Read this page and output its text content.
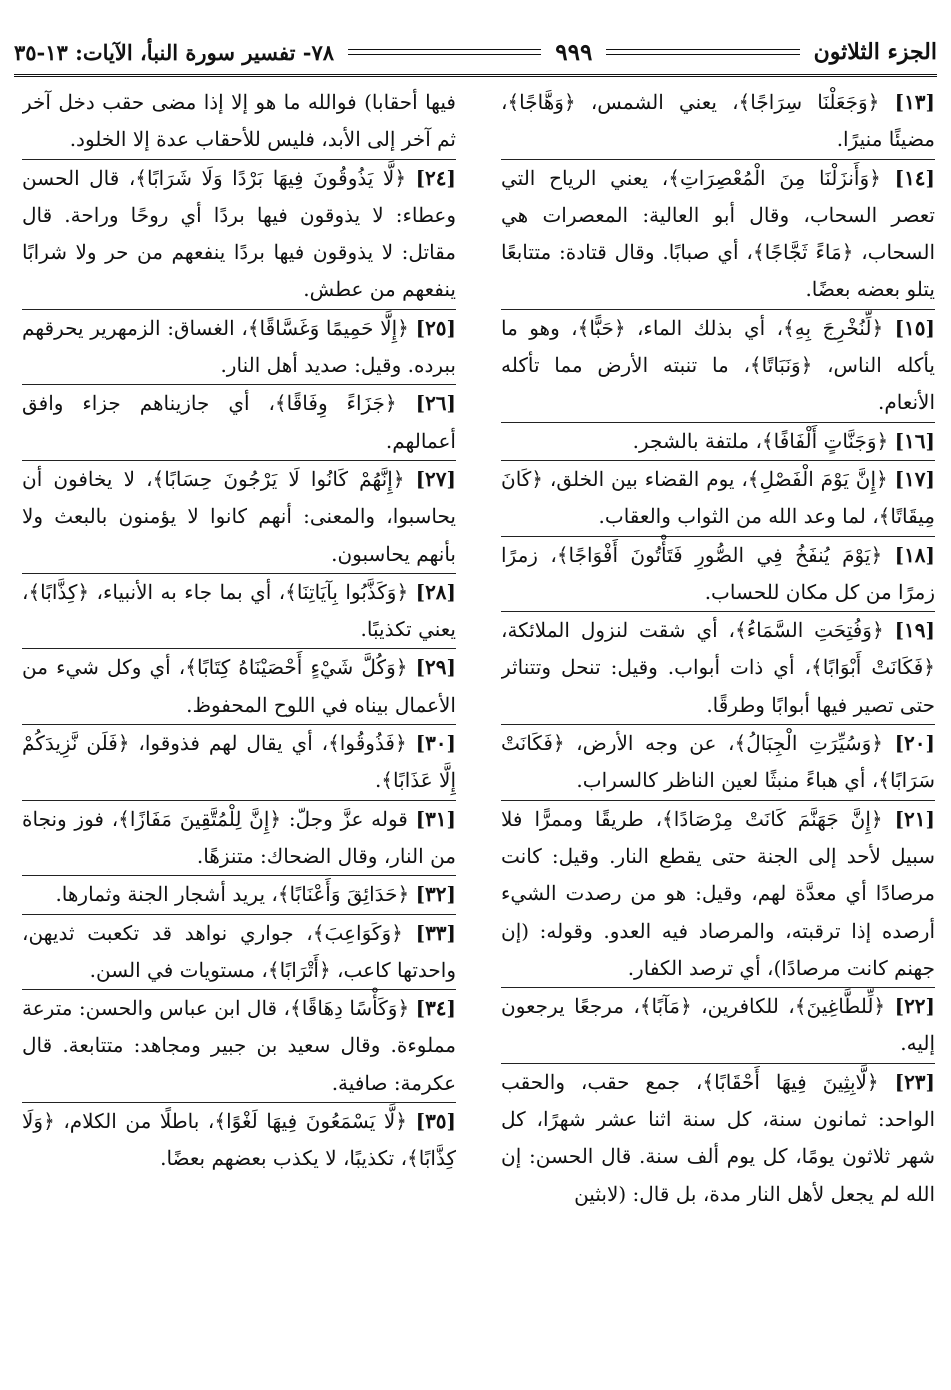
الجزء الثلاثون
٩٩٩
٧٨- تفسير سورة النبأ، الآيات: ١٣-٣٥

[١٣] ﴿وَجَعَلْنَا سِرَاجًا﴾، يعني الشمس، ﴿وَهَّاجًا﴾، مضيئًا منيرًا.

[١٤] ﴿وَأَنزَلْنَا مِنَ الْمُعْصِرَاتِ﴾، يعني الرياح التي تعصر السحاب، وقال أبو العالية: المعصرات هي السحاب، ﴿مَاءً ثَجَّاجًا﴾، أي صبابًا. وقال قتادة: متتابعًا يتلو بعضه بعضًا.

[١٥] ﴿لِّنُخْرِجَ بِهِ﴾، أي بذلك الماء، ﴿حَبًّا﴾، وهو ما يأكله الناس، ﴿وَنَبَاتًا﴾، ما تنبته الأرض مما تأكله الأنعام.

[١٦] ﴿وَجَنَّاتٍ أَلْفَافًا﴾، ملتفة بالشجر.

[١٧] ﴿إِنَّ يَوْمَ الْفَصْلِ﴾، يوم القضاء بين الخلق، ﴿كَانَ مِيقَاتًا﴾، لما وعد الله من الثواب والعقاب.

[١٨] ﴿يَوْمَ يُنفَخُ فِي الصُّورِ فَتَأْتُونَ أَفْوَاجًا﴾، زمرًا زمرًا من كل مكان للحساب.

[١٩] ﴿وَفُتِحَتِ السَّمَاءُ﴾، أي شقت لنزول الملائكة، ﴿فَكَانَتْ أَبْوَابًا﴾، أي ذات أبواب. وقيل: تنحل وتتناثر حتى تصير فيها أبوابًا وطرقًا.

[٢٠] ﴿وَسُيِّرَتِ الْجِبَالُ﴾، عن وجه الأرض، ﴿فَكَانَتْ سَرَابًا﴾، أي هباءً منبثًا لعين الناظر كالسراب.

[٢١] ﴿إِنَّ جَهَنَّمَ كَانَتْ مِرْصَادًا﴾، طريقًا وممرًّا فلا سبيل لأحد إلى الجنة حتى يقطع النار. وقيل: كانت مرصادًا أي معدَّة لهم، وقيل: هو من رصدت الشيء أرصده إذا ترقبته، والمرصاد فيه العدو. وقوله: (إن جهنم كانت مرصادًا)، أي ترصد الكفار.

[٢٢] ﴿لِّلطَّاغِينَ﴾، للكافرين، ﴿مَآبًا﴾، مرجعًا يرجعون إليه.

[٢٣] ﴿لَّابِثِينَ فِيهَا أَحْقَابًا﴾، جمع حقب، والحقب الواحد: ثمانون سنة، كل سنة اثنا عشر شهرًا، كل شهر ثلاثون يومًا، كل يوم ألف سنة. قال الحسن: إن الله لم يجعل لأهل النار مدة، بل قال: (لابثين

فيها أحقابا) فوالله ما هو إلا إذا مضى حقب دخل آخر ثم آخر إلى الأبد، فليس للأحقاب عدة إلا الخلود.

[٢٤] ﴿لَّا يَذُوقُونَ فِيهَا بَرْدًا وَلَا شَرَابًا﴾، قال الحسن وعطاء: لا يذوقون فيها بردًا أي روحًا وراحة. قال مقاتل: لا يذوقون فيها بردًا ينفعهم من حر ولا شرابًا ينفعهم من عطش.

[٢٥] ﴿إِلَّا حَمِيمًا وَغَسَّاقًا﴾، الغساق: الزمهرير يحرقهم ببرده. وقيل: صديد أهل النار.

[٢٦] ﴿جَزَاءً وِفَاقًا﴾، أي جازيناهم جزاء وافق أعمالهم.

[٢٧] ﴿إِنَّهُمْ كَانُوا لَا يَرْجُونَ حِسَابًا﴾، لا يخافون أن يحاسبوا، والمعنى: أنهم كانوا لا يؤمنون بالبعث ولا بأنهم يحاسبون.

[٢٨] ﴿وَكَذَّبُوا بِآيَاتِنَا﴾، أي بما جاء به الأنبياء، ﴿كِذَّابًا﴾، يعني تكذيبًا.

[٢٩] ﴿وَكُلَّ شَيْءٍ أَحْصَيْنَاهُ كِتَابًا﴾، أي وكل شيء من الأعمال بيناه في اللوح المحفوظ.

[٣٠] ﴿فَذُوقُوا﴾، أي يقال لهم فذوقوا، ﴿فَلَن نَّزِيدَكُمْ إِلَّا عَذَابًا﴾.

[٣١] قوله عزَّ وجلّ: ﴿إِنَّ لِلْمُتَّقِينَ مَفَازًا﴾، فوز ونجاة من النار، وقال الضحاك: متنزهًا.

[٣٢] ﴿حَدَائِقَ وَأَعْنَابًا﴾، يريد أشجار الجنة وثمارها.

[٣٣] ﴿وَكَوَاعِبَ﴾، جواري نواهد قد تكعبت ثديهن، واحدتها كاعب، ﴿أَتْرَابًا﴾، مستويات في السن.

[٣٤] ﴿وَكَأْسًا دِهَاقًا﴾، قال ابن عباس والحسن: مترعة مملوءة. وقال سعيد بن جبير ومجاهد: متتابعة. قال عكرمة: صافية.

[٣٥] ﴿لَّا يَسْمَعُونَ فِيهَا لَغْوًا﴾، باطلًا من الكلام، ﴿وَلَا كِذَّابًا﴾، تكذيبًا، لا يكذب بعضهم بعضًا.
